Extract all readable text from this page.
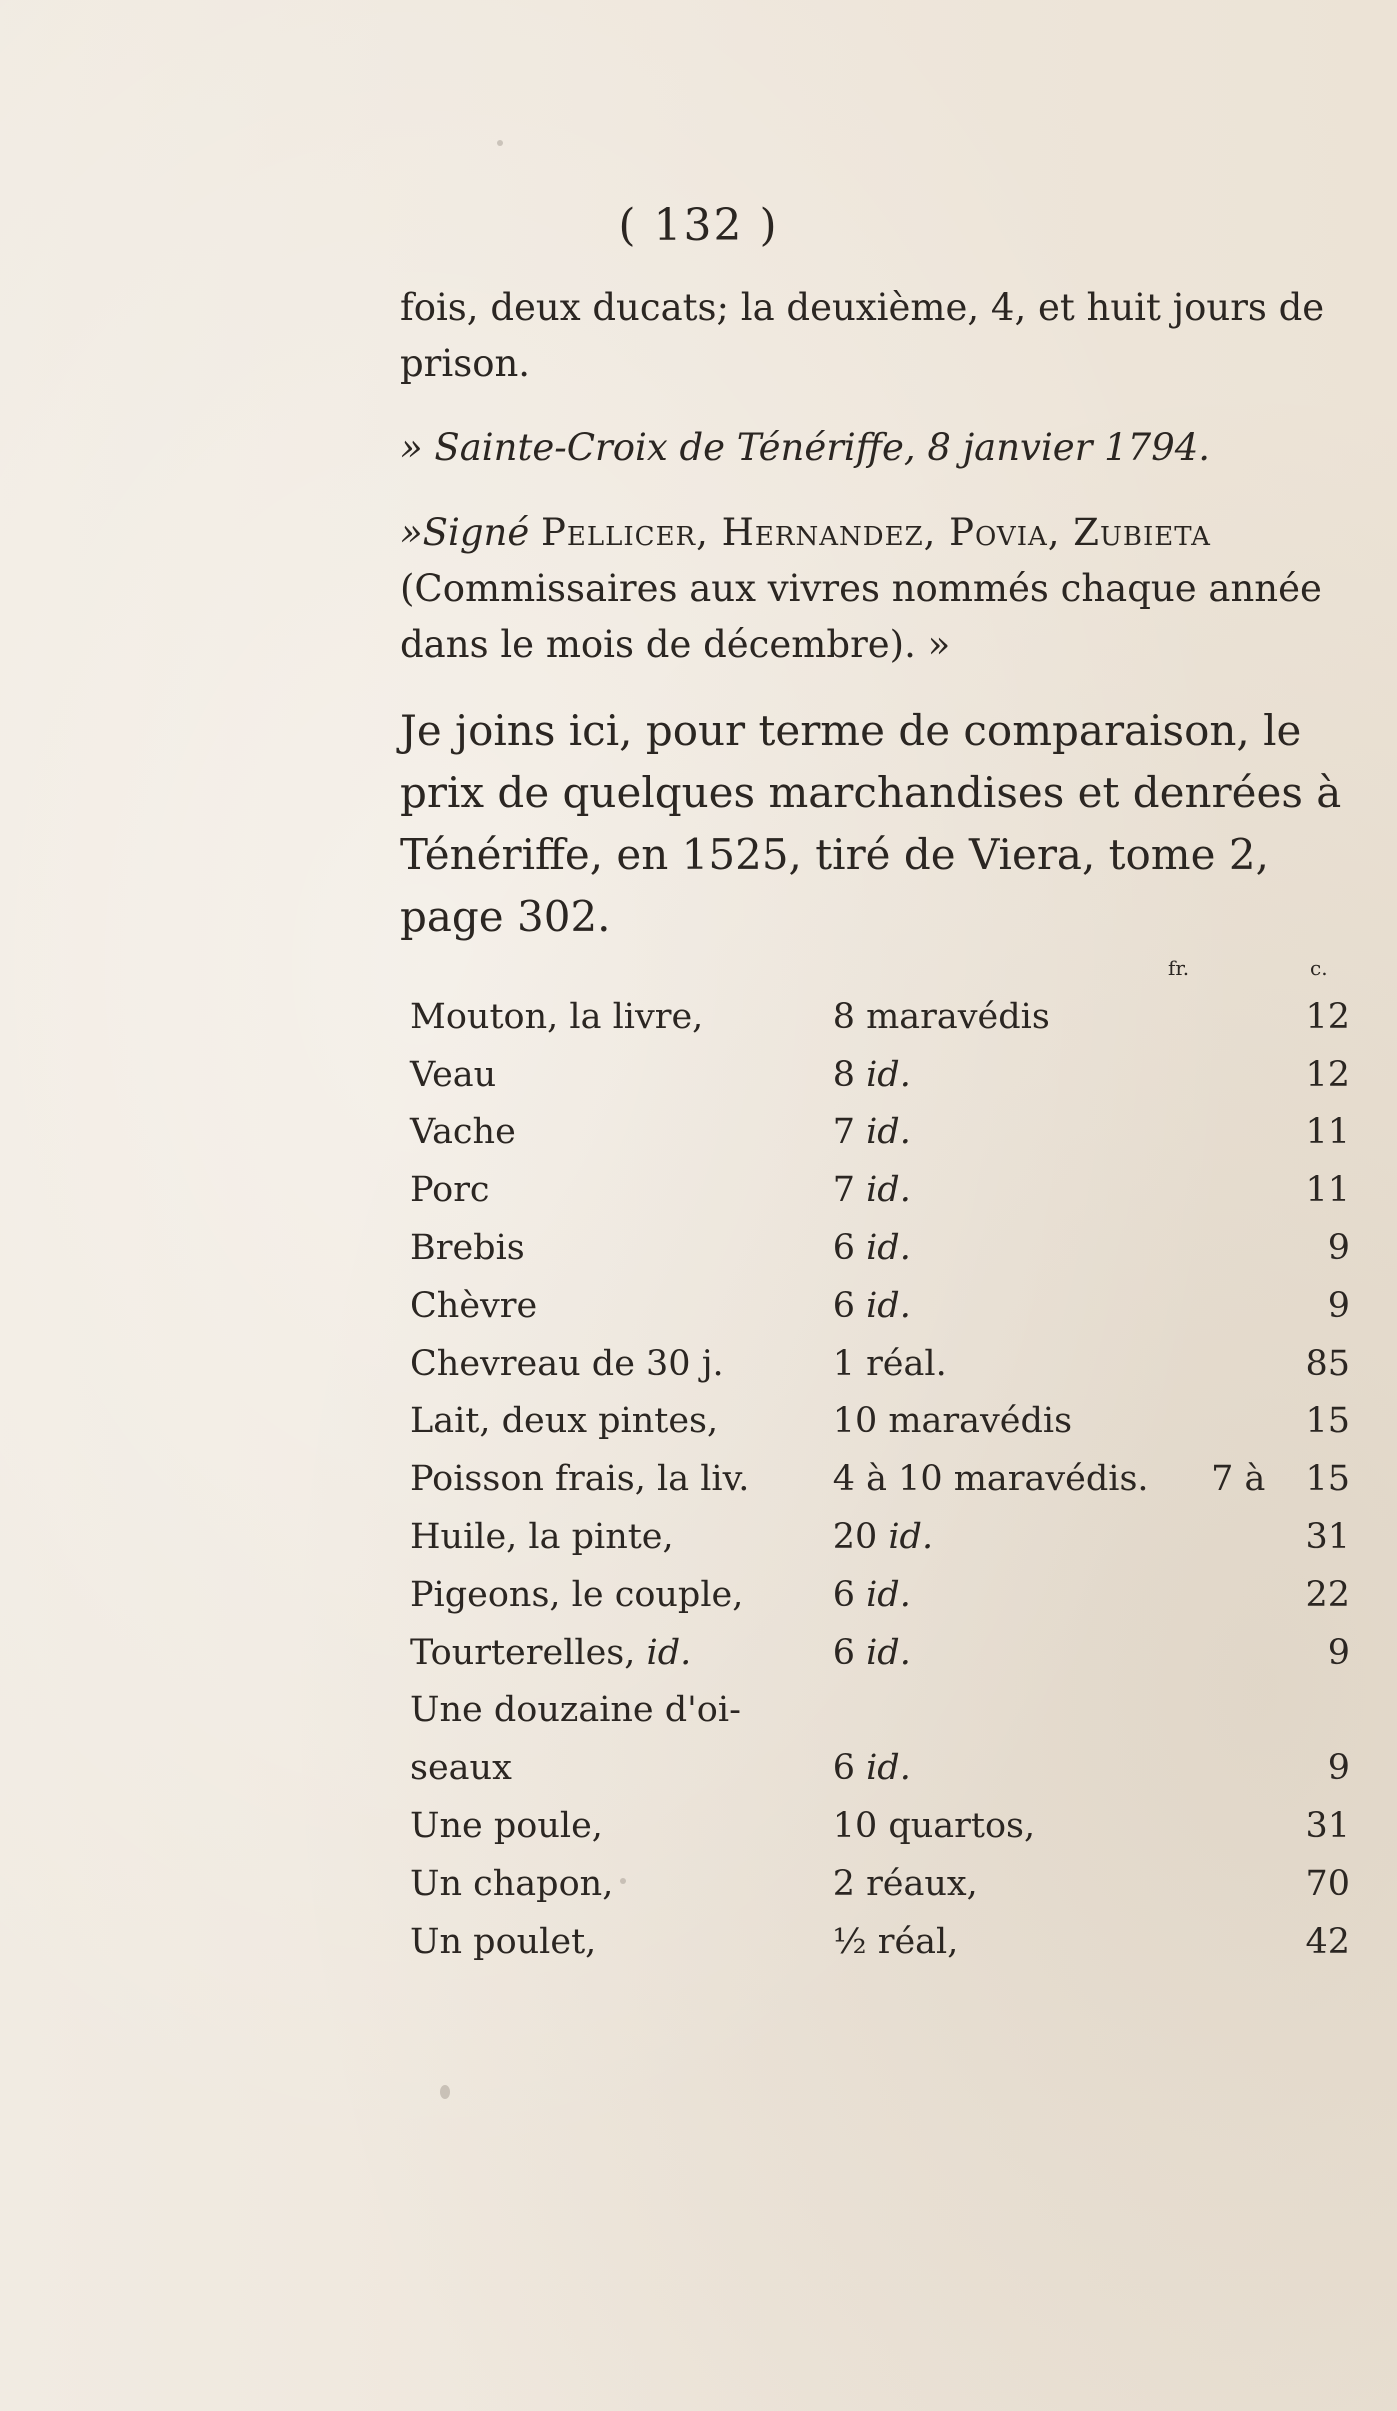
( 132 )

fois, deux ducats; la deuxième, 4, et huit jours de prison.

» Sainte-Croix de Ténériffe, 8 janvier 1794.

»Signé Pellicer, Hernandez, Povia, Zubieta (Commissaires aux vivres nommés chaque année dans le mois de décembre). »

Je joins ici, pour terme de comparaison, le prix de quelques marchandises et denrées à Ténériffe, en 1525, tiré de Viera, tome 2, page 302.

fr.	c.
Mouton, la livre,	8 maravédis		12
Veau	8 id.		12
Vache	7 id.		11
Porc	7 id.		11
Brebis	6 id.		9
Chèvre	6 id.		9
Chevreau de 30 j.	1 réal.		85
Lait, deux pintes,	10 maravédis		15
Poisson frais, la liv.	4 à 10 maravédis.	7 à	15
Huile, la pinte,	20 id.		31
Pigeons, le couple,	6 id.		22
Tourterelles, id.	6 id.		9
Une douzaine d'oi-			
seaux	6 id.		9
Une poule,	10 quartos,		31
Un chapon,	2 réaux,		70
Un poulet,	½ réal,		42
